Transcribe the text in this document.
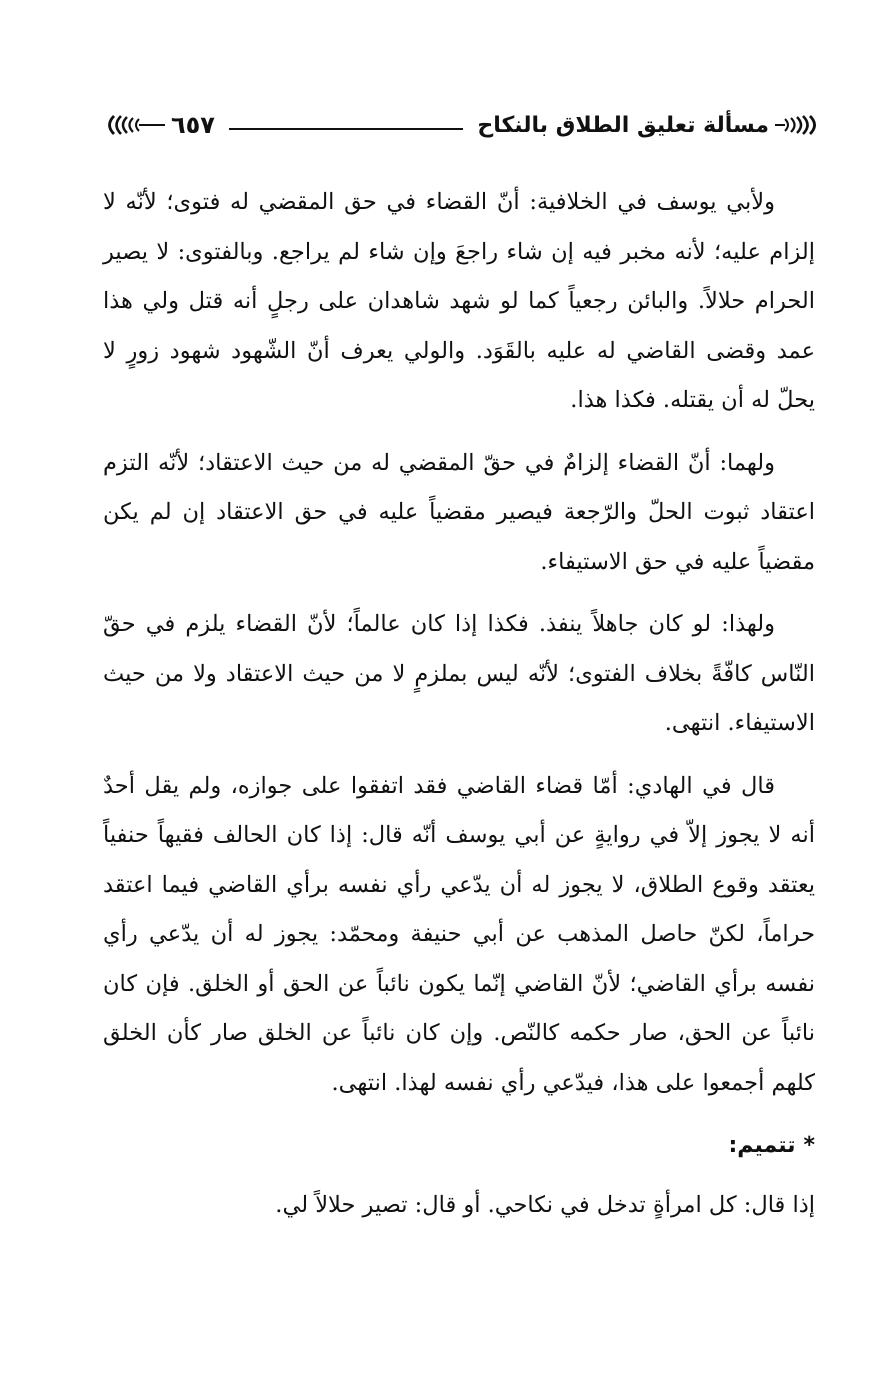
مسألة تعليق الطلاق بالنكاح
٦٥٧

ولأبي يوسف في الخلافية: أنّ القضاء في حق المقضي له فتوى؛ لأنّه لا إلزام عليه؛ لأنه مخبر فيه إن شاء راجعَ وإن شاء لم يراجع. وبالفتوى: لا يصير الحرام حلالاً. والبائن رجعياً كما لو شهد شاهدان على رجلٍ أنه قتل ولي هذا عمد وقضى القاضي له عليه بالقَوَد. والولي يعرف أنّ الشّهود شهود زورٍ لا يحلّ له أن يقتله. فكذا هذا.

ولهما: أنّ القضاء إلزامٌ في حقّ المقضي له من حيث الاعتقاد؛ لأنّه التزم اعتقاد ثبوت الحلّ والرّجعة فيصير مقضياً عليه في حق الاعتقاد إن لم يكن مقضياً عليه في حق الاستيفاء.

ولهذا: لو كان جاهلاً ينفذ. فكذا إذا كان عالماً؛ لأنّ القضاء يلزم في حقّ النّاس كافّةً بخلاف الفتوى؛ لأنّه ليس بملزمٍ لا من حيث الاعتقاد ولا من حيث الاستيفاء. انتهى.

قال في الهادي: أمّا قضاء القاضي فقد اتفقوا على جوازه، ولم يقل أحدٌ أنه لا يجوز إلاّ في روايةٍ عن أبي يوسف أنّه قال: إذا كان الحالف فقيهاً حنفياً يعتقد وقوع الطلاق، لا يجوز له أن يدّعي رأي نفسه برأي القاضي فيما اعتقد حراماً، لكنّ حاصل المذهب عن أبي حنيفة ومحمّد: يجوز له أن يدّعي رأي نفسه برأي القاضي؛ لأنّ القاضي إنّما يكون نائباً عن الحق أو الخلق. فإن كان نائباً عن الحق، صار حكمه كالنّص. وإن كان نائباً عن الخلق صار كأن الخلق كلهم أجمعوا على هذا، فيدّعي رأي نفسه لهذا. انتهى.

*تتميم:

إذا قال: كل امرأةٍ تدخل في نكاحي. أو قال: تصير حلالاً لي.
